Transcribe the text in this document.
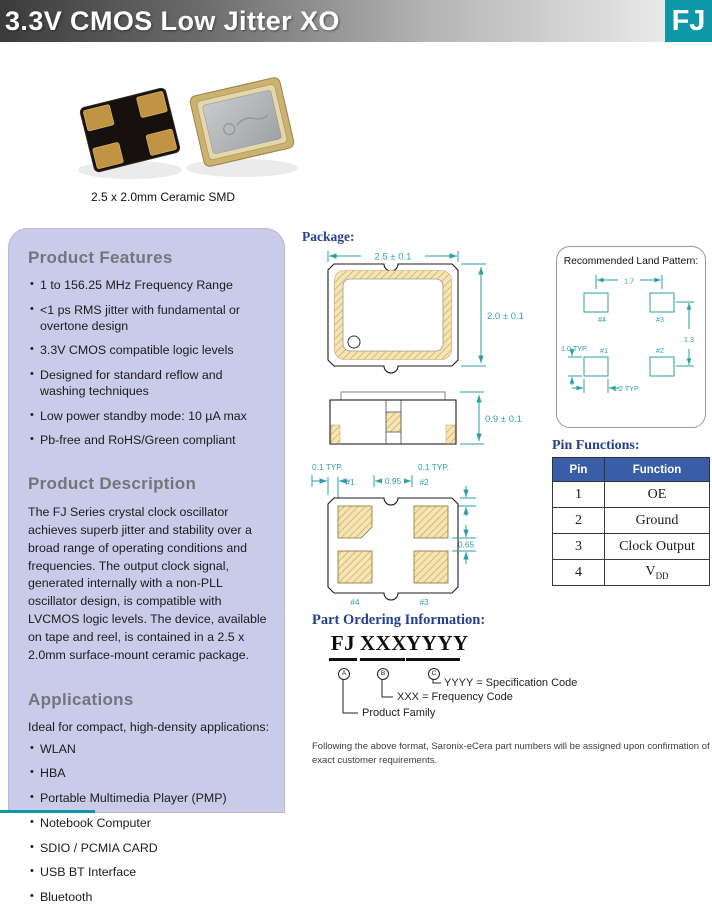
3.3V CMOS Low Jitter XO	FJ
2.5 x 2.0mm Ceramic SMD
Product Features
• 1 to 156.25 MHz Frequency Range
• <1 ps RMS jitter with fundamental or overtone design
• 3.3V CMOS compatible logic levels
• Designed for standard reflow and washing techniques
• Low power standby mode: 10 µA max
• Pb-free and RoHS/Green compliant
Product Description

The FJ Series crystal clock oscillator achieves superb jitter and stability over a broad range of operating conditions and frequencies. The output clock signal, generated internally with a non-PLL oscillator design, is compatible with LVCMOS logic levels. The device, available on tape and reel, is contained in a 2.5 x 2.0mm surface-mount ceramic package.

Applications

Ideal for compact, high-density applications:

• WLAN
• HBA
• Portable Multimedia Player (PMP)
• Notebook Computer
• SDIO / PCMIA CARD
• USB BT Interface
• Bluetooth
Package:
2.5 ± 0.1
2.0 ± 0.1
0.9 ± 0.1
0.1 TYP.	0.1 TYP.
0.95
#1	#2
0.65
#4	#3
Recommended Land Pattern:
1.7
#4	#3
#1	#2
1.3
1.0 TYP.
1.2 TYP.
Pin Functions:
Pin	Function
1	OE
2	Ground
3	Clock Output
4	$V_{DD}$
Part Ordering Information:
FJ XXX YYYY
A	B	C
YYYY = Specification Code
XXX = Frequency Code
Product Family
Following the above format, Saronix-eCera part numbers will be assigned upon confirmation of exact customer requirements.
